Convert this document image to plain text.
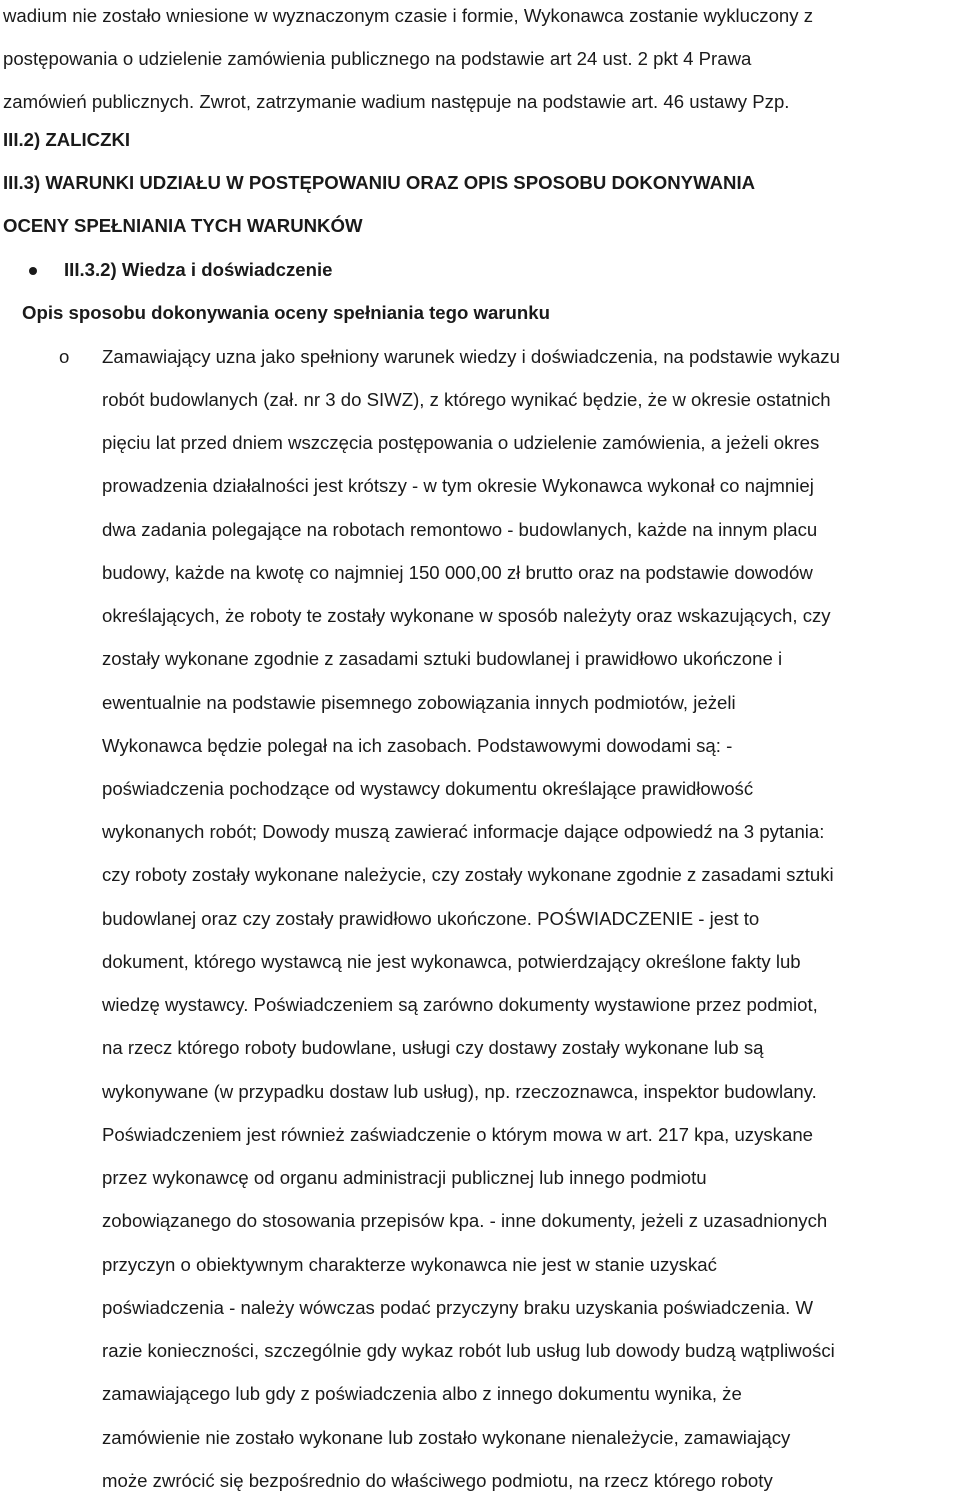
wadium nie zostało wniesione w wyznaczonym czasie i formie, Wykonawca zostanie wykluczony z
postępowania o udzielenie zamówienia publicznego na podstawie art 24 ust. 2 pkt 4 Prawa
zamówień publicznych. Zwrot, zatrzymanie wadium następuje na podstawie art. 46 ustawy Pzp.
III.2) ZALICZKI
III.3) WARUNKI UDZIAŁU W POSTĘPOWANIU ORAZ OPIS SPOSOBU DOKONYWANIA
OCENY SPEŁNIANIA TYCH WARUNKÓW
III.3.2) Wiedza i doświadczenie
Opis sposobu dokonywania oceny spełniania tego warunku
o Zamawiający uzna jako spełniony warunek wiedzy i doświadczenia, na podstawie wykazu
robót budowlanych (zał. nr 3 do SIWZ), z którego wynikać będzie, że w okresie ostatnich
pięciu lat przed dniem wszczęcia postępowania o udzielenie zamówienia, a jeżeli okres
prowadzenia działalności jest krótszy - w tym okresie Wykonawca wykonał co najmniej
dwa zadania polegające na robotach remontowo - budowlanych, każde na innym placu
budowy, każde na kwotę co najmniej 150 000,00 zł brutto oraz na podstawie dowodów
określających, że roboty te zostały wykonane w sposób należyty oraz wskazujących, czy
zostały wykonane zgodnie z zasadami sztuki budowlanej i prawidłowo ukończone i
ewentualnie na podstawie pisemnego zobowiązania innych podmiotów, jeżeli
Wykonawca będzie polegał na ich zasobach. Podstawowymi dowodami są: -
poświadczenia pochodzące od wystawcy dokumentu określające prawidłowość
wykonanych robót; Dowody muszą zawierać informacje dające odpowiedź na 3 pytania:
czy roboty zostały wykonane należycie, czy zostały wykonane zgodnie z zasadami sztuki
budowlanej oraz czy zostały prawidłowo ukończone. POŚWIADCZENIE - jest to
dokument, którego wystawcą nie jest wykonawca, potwierdzający określone fakty lub
wiedzę wystawcy. Poświadczeniem są zarówno dokumenty wystawione przez podmiot,
na rzecz którego roboty budowlane, usługi czy dostawy zostały wykonane lub są
wykonywane (w przypadku dostaw lub usług), np. rzeczoznawca, inspektor budowlany.
Poświadczeniem jest również zaświadczenie o którym mowa w art. 217 kpa, uzyskane
przez wykonawcę od organu administracji publicznej lub innego podmiotu
zobowiązanego do stosowania przepisów kpa. - inne dokumenty, jeżeli z uzasadnionych
przyczyn o obiektywnym charakterze wykonawca nie jest w stanie uzyskać
poświadczenia - należy wówczas podać przyczyny braku uzyskania poświadczenia. W
razie konieczności, szczególnie gdy wykaz robót lub usług lub dowody budzą wątpliwości
zamawiającego lub gdy z poświadczenia albo z innego dokumentu wynika, że
zamówienie nie zostało wykonane lub zostało wykonane nienależycie, zamawiający
może zwrócić się bezpośrednio do właściwego podmiotu, na rzecz którego roboty
